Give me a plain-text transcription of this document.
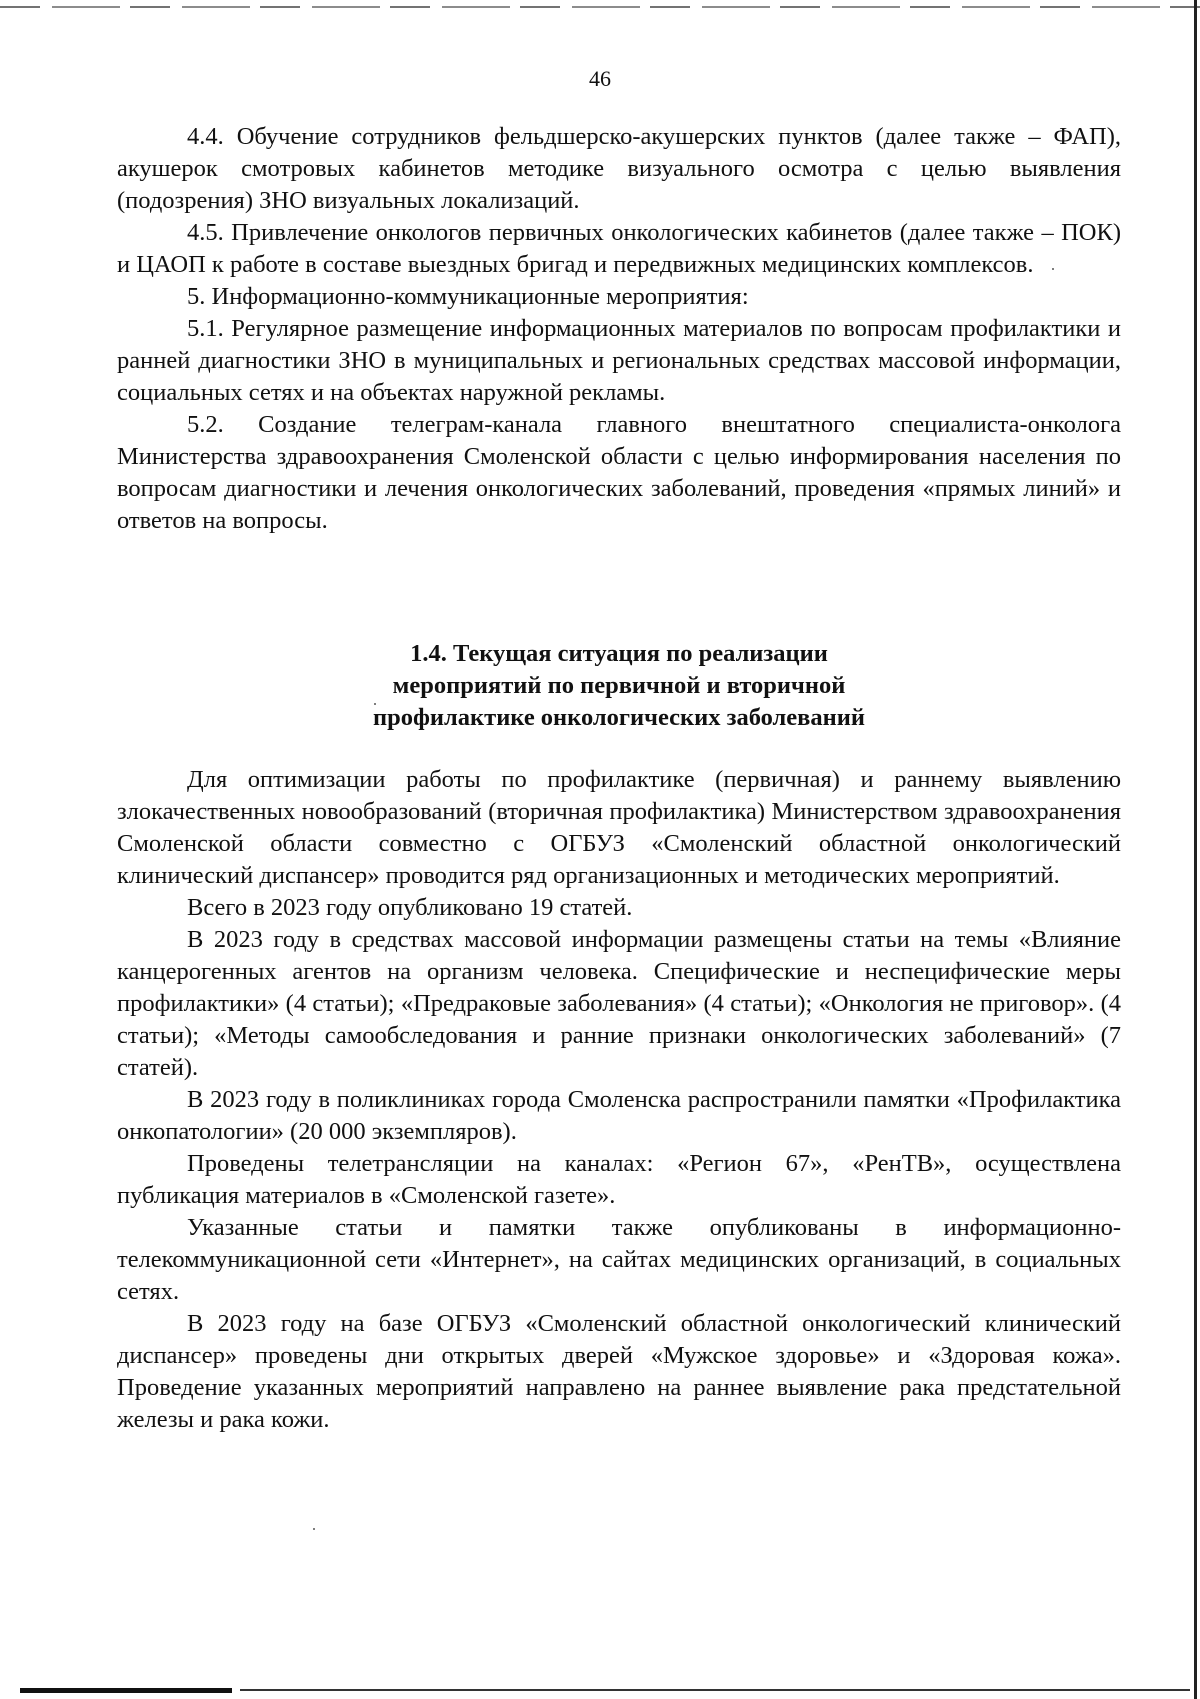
46

4.4. Обучение сотрудников фельдшерско-акушерских пунктов (далее также – ФАП), акушерок смотровых кабинетов методике визуального осмотра с целью выявления (подозрения) ЗНО визуальных локализаций.

4.5. Привлечение онкологов первичных онкологических кабинетов (далее также – ПОК) и ЦАОП к работе в составе выездных бригад и передвижных медицинских комплексов.

5. Информационно-коммуникационные мероприятия:

5.1. Регулярное размещение информационных материалов по вопросам профилактики и ранней диагностики ЗНО в муниципальных и региональных средствах массовой информации, социальных сетях и на объектах наружной рекламы.

5.2. Создание телеграм-канала главного внештатного специалиста-онколога Министерства здравоохранения Смоленской области с целью информирования населения по вопросам диагностики и лечения онкологических заболеваний, проведения «прямых линий» и ответов на вопросы.

1.4. Текущая ситуация по реализации
мероприятий по первичной и вторичной
профилактике онкологических заболеваний

Для оптимизации работы по профилактике (первичная) и раннему выявлению злокачественных новообразований (вторичная профилактика) Министерством здравоохранения Смоленской области совместно с ОГБУЗ «Смоленский областной онкологический клинический диспансер» проводится ряд организационных и методических мероприятий.

Всего в 2023 году опубликовано 19 статей.

В 2023 году в средствах массовой информации размещены статьи на темы «Влияние канцерогенных агентов на организм человека. Специфические и неспецифические меры профилактики» (4 статьи); «Предраковые заболевания» (4 статьи); «Онкология не приговор». (4 статьи); «Методы самообследования и ранние признаки онкологических заболеваний» (7 статей).

В 2023 году в поликлиниках города Смоленска распространили памятки «Профилактика онкопатологии» (20 000 экземпляров).

Проведены телетрансляции на каналах: «Регион 67», «РенТВ», осуществлена публикация материалов в «Смоленской газете».

Указанные статьи и памятки также опубликованы в информационно-телекоммуникационной сети «Интернет», на сайтах медицинских организаций, в социальных сетях.

В 2023 году на базе ОГБУЗ «Смоленский областной онкологический клинический диспансер» проведены дни открытых дверей «Мужское здоровье» и «Здоровая кожа». Проведение указанных мероприятий направлено на раннее выявление рака предстательной железы и рака кожи.
